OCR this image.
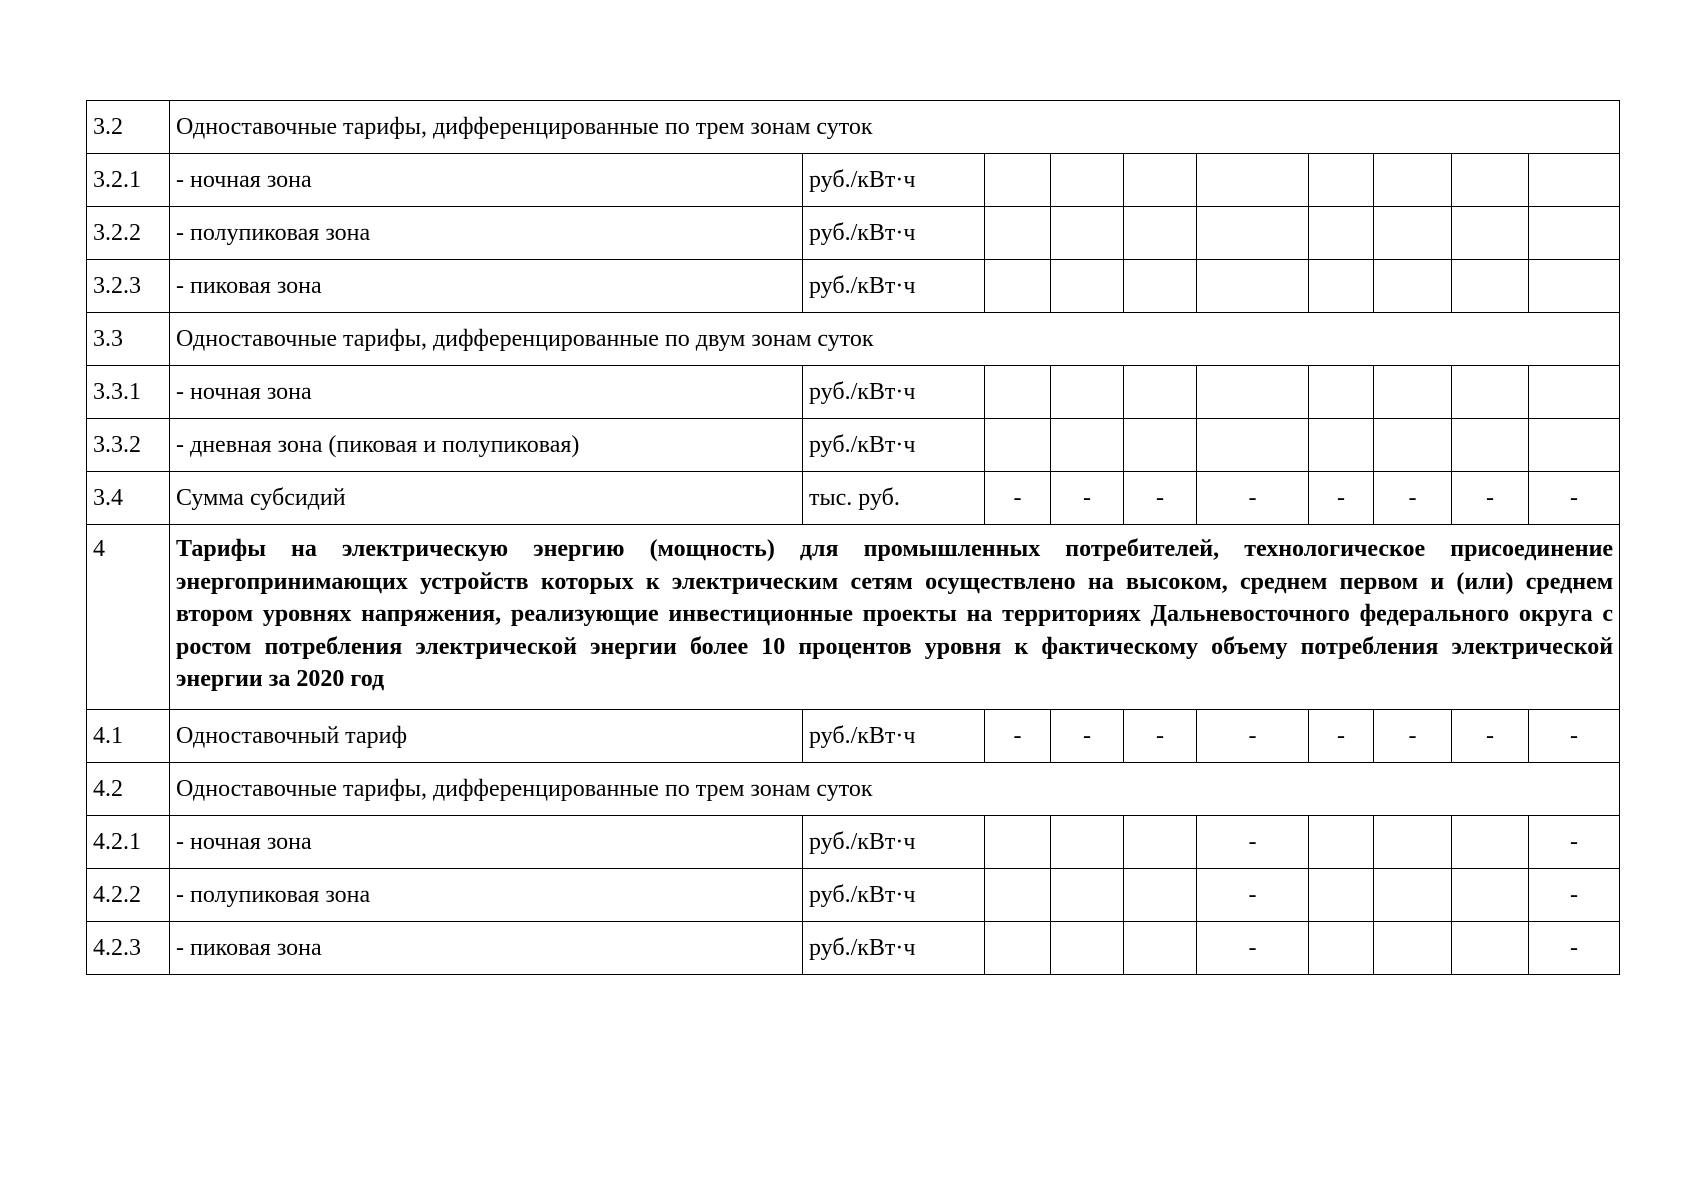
3.2	Одноставочные тарифы, дифференцированные по трем зонам суток									
3.2.1	- ночная зона	руб./кВт·ч								
3.2.2	- полупиковая зона	руб./кВт·ч								
3.2.3	- пиковая зона	руб./кВт·ч								
3.3	Одноставочные тарифы, дифференцированные по двум зонам суток									
3.3.1	- ночная зона	руб./кВт·ч								
3.3.2	- дневная зона (пиковая и полупиковая)	руб./кВт·ч								
3.4	Сумма субсидий	тыс. руб.	-	-	-	-	-	-	-	-
4	Тарифы на электрическую энергию (мощность) для промышленных потребителей, технологическое присоединение энергопринимающих устройств которых к электрическим сетям осуществлено на высоком, среднем первом и (или) среднем втором уровнях напряжения, реализующие инвестиционные проекты на территориях Дальневосточного федерального округа с ростом потребления электрической энергии более 10 процентов уровня к фактическому объему потребления электрической энергии за 2020 год									
4.1	Одноставочный тариф	руб./кВт·ч	-	-	-	-	-	-	-	-
4.2	Одноставочные тарифы, дифференцированные по трем зонам суток									
4.2.1	- ночная зона	руб./кВт·ч				-				-
4.2.2	- полупиковая зона	руб./кВт·ч				-				-
4.2.3	- пиковая зона	руб./кВт·ч				-				-
